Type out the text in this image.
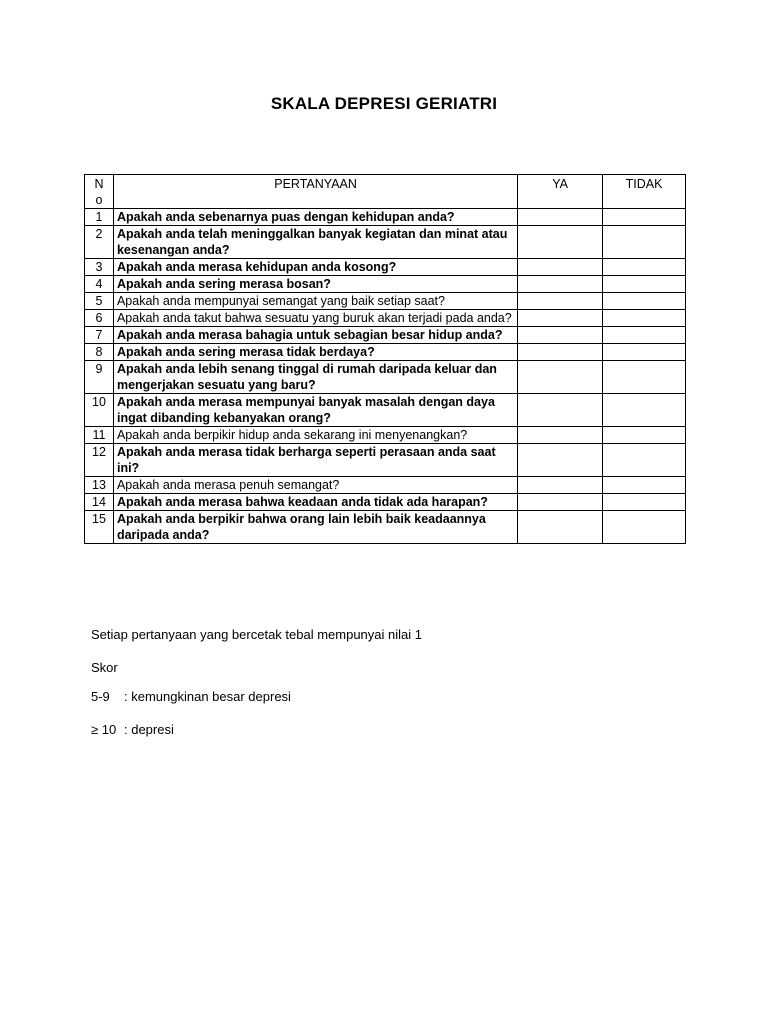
SKALA DEPRESI GERIATRI
N o	PERTANYAAN	YA	TIDAK
1	Apakah anda sebenarnya puas dengan kehidupan anda?		
2	Apakah anda telah meninggalkan banyak kegiatan dan minat atau kesenangan anda?		
3	Apakah anda merasa kehidupan anda kosong?		
4	Apakah anda sering merasa bosan?		
5	Apakah anda mempunyai semangat yang baik setiap saat?		
6	Apakah anda takut bahwa sesuatu yang buruk akan terjadi pada anda?		
7	Apakah anda merasa bahagia untuk sebagian besar hidup anda?		
8	Apakah anda sering merasa tidak berdaya?		
9	Apakah anda lebih senang tinggal di rumah daripada keluar dan mengerjakan sesuatu yang baru?		
10	Apakah anda merasa mempunyai banyak masalah dengan daya ingat dibanding kebanyakan orang?		
11	Apakah anda berpikir hidup anda sekarang ini menyenangkan?		
12	Apakah anda merasa tidak berharga seperti perasaan anda saat ini?		
13	Apakah anda merasa penuh semangat?		
14	Apakah anda merasa bahwa keadaan anda tidak ada harapan?		
15	Apakah anda berpikir bahwa orang lain lebih baik keadaannya daripada anda?		
Setiap pertanyaan yang bercetak tebal mempunyai nilai 1
Skor
5-9 : kemungkinan besar depresi
≥ 10 : depresi
